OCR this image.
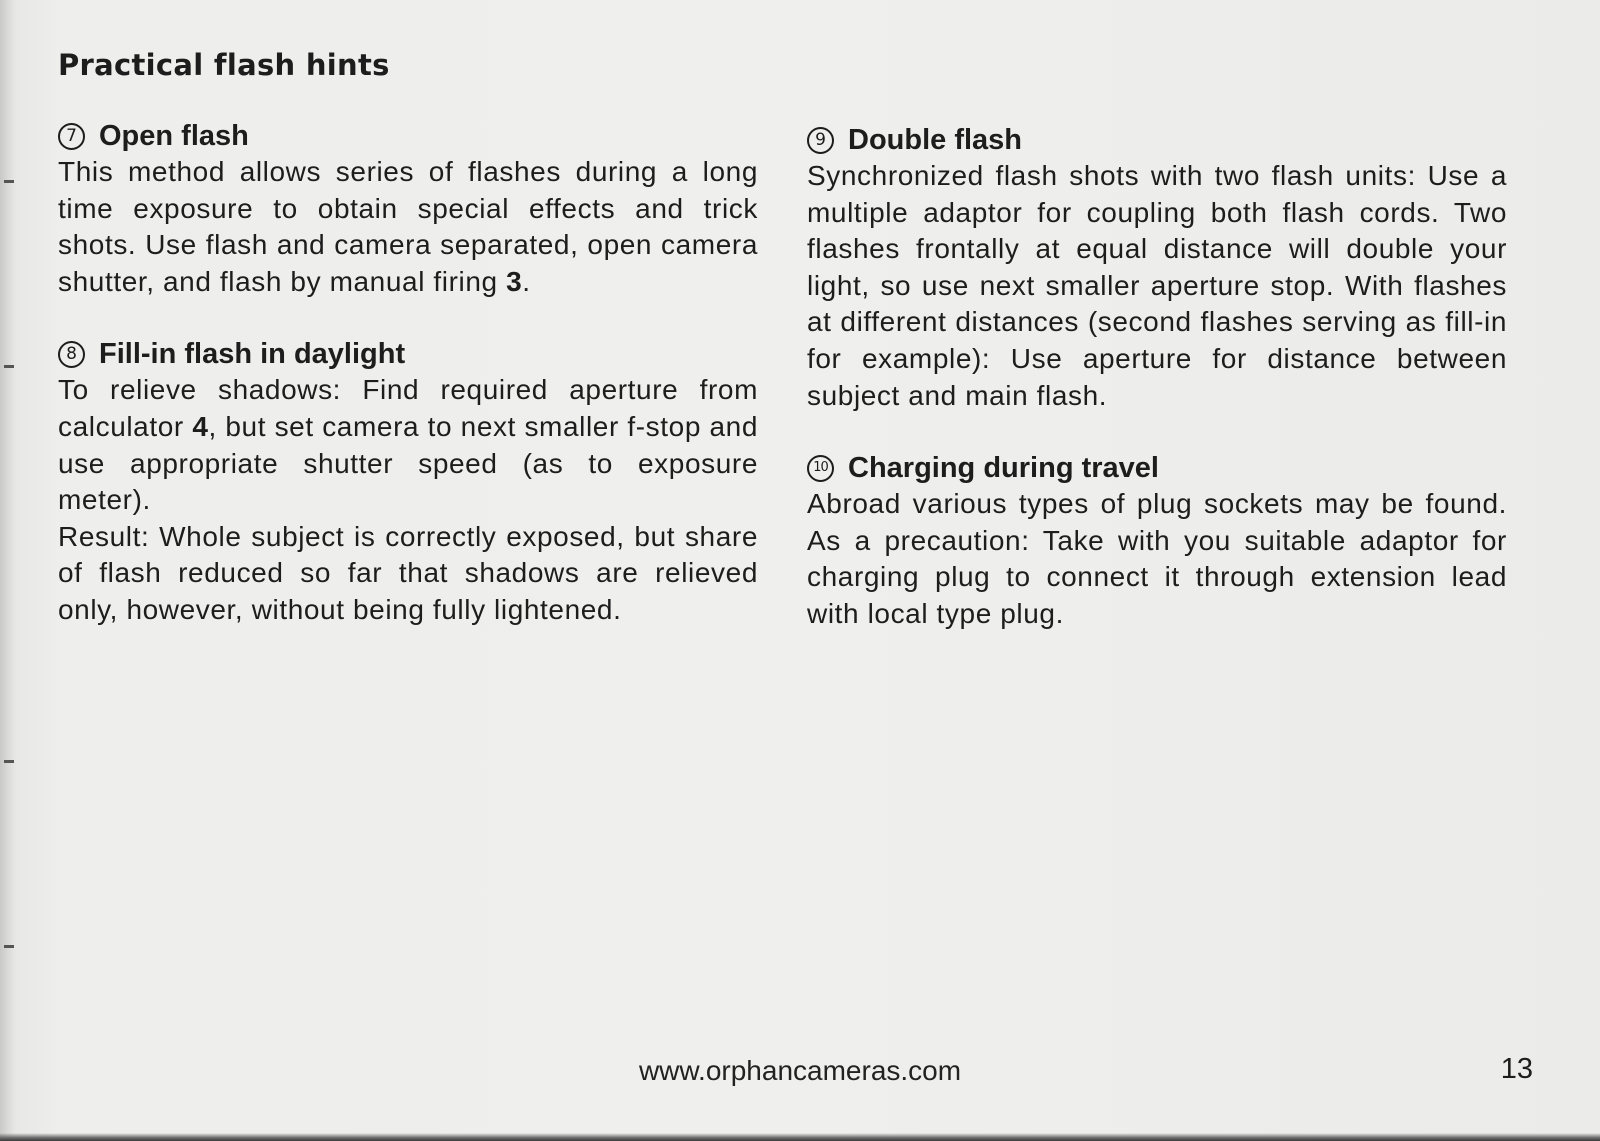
Practical flash hints
7 Open flash

This method allows series of flashes during a long time exposure to obtain special effects and trick shots. Use flash and camera separated, open camera shutter, and flash by manual firing 3.

8 Fill-in flash in daylight

To relieve shadows: Find required aperture from calculator 4, but set camera to next smaller f-stop and use appropriate shutter speed (as to exposure meter).

Result: Whole subject is correctly exposed, but share of flash reduced so far that shadows are relieved only, however, without being fully lightened.

9 Double flash

Synchronized flash shots with two flash units: Use a multiple adaptor for coupling both flash cords. Two flashes frontally at equal distance will double your light, so use next smaller aperture stop. With flashes at different distances (second flashes serving as fill-in for example): Use aperture for distance between subject and main flash.

10 Charging during travel

Abroad various types of plug sockets may be found. As a precaution: Take with you suitable adaptor for charging plug to connect it through extension lead with local type plug.

www.orphancameras.com	13
